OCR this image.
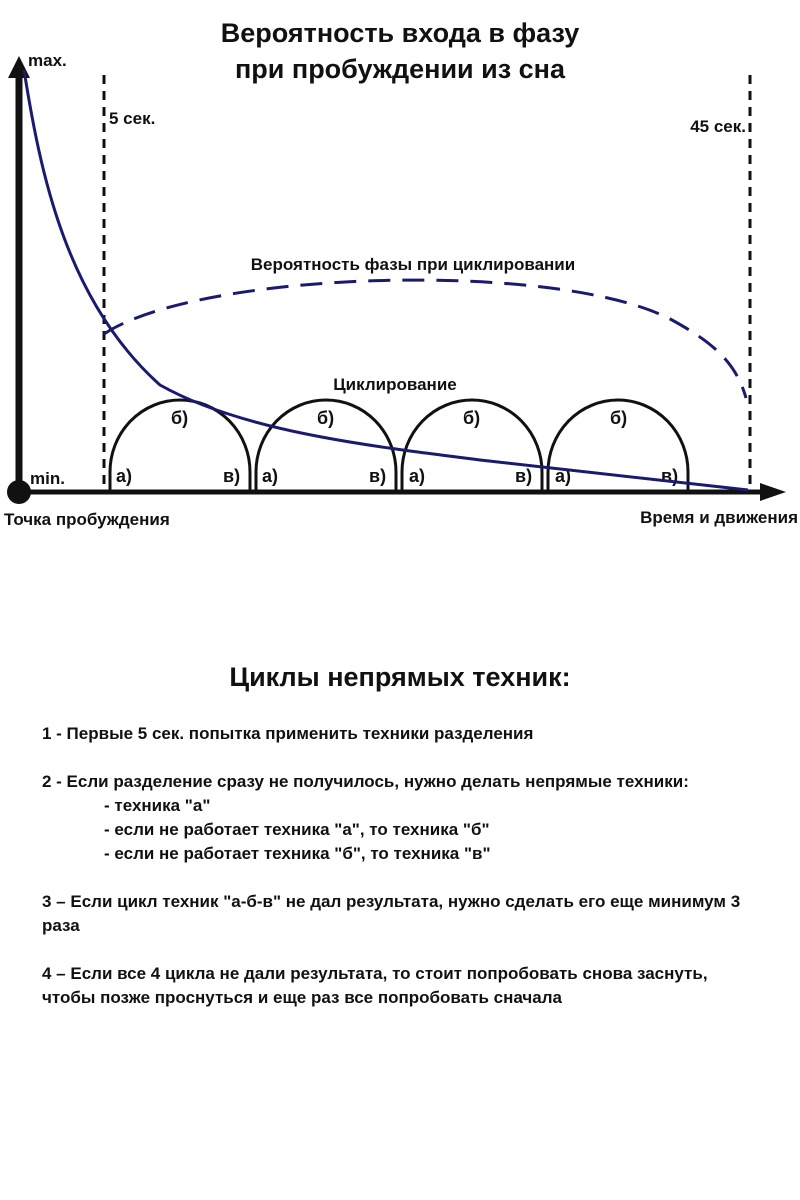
Вероятность входа в фазу
при пробуждении из сна
max.
min.
5 сек.	45 сек.
Вероятность фазы при циклировании
Циклирование
а)
б)
в) а)
б)
в) а)
б)
в) а)
б)
в)
Точка пробуждения	Время и движения
Циклы непрямых техник:
1 - Первые 5 сек. попытка применить техники разделения
2 - Если разделение сразу не получилось, нужно делать непрямые техники:
- техника "а"
- если не работает техника "а", то техника "б"
- если не работает техника "б", то техника "в"
3 – Если цикл техник "а-б-в" не дал результата, нужно сделать его еще минимум 3 раза
4 – Если все 4 цикла не дали результата, то стоит попробовать снова заснуть, чтобы позже проснуться и еще раз все попробовать сначала
